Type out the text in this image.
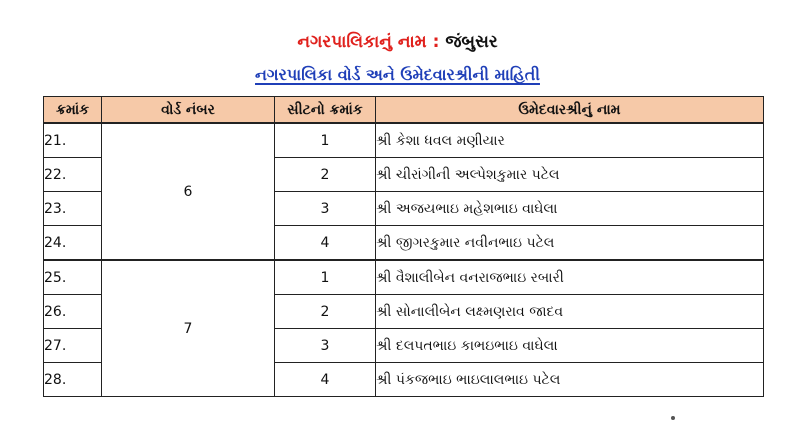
નગરપાલિકાનું નામ : જંબુસર
નગરપાલિકા વોર્ડ અને ઉમેદવારશ્રીની માહિતી
ક્રમાંક	વોર્ડ નંબર	સીટનો ક્રમાંક	ઉમેદવારશ્રીનું નામ
21.	6	1	શ્રી કેશા ધવલ મણીયાર
22.		2	શ્રી ચીરાંગીની અલ્પેશકુમાર પટેલ
23.		3	શ્રી અજયભાઇ મહેશભાઇ વાઘેલા
24.		4	શ્રી જીગરકુમાર નવીનભાઇ પટેલ
25.	7	1	શ્રી વૈશાલીબેન વનરાજભાઇ રબારી
26.		2	શ્રી સોનાલીબેન લક્ષ્મણરાવ જાદવ
27.		3	શ્રી દલપતભાઇ કાભઇભાઇ વાઘેલા
28.		4	શ્રી પંકજભાઇ ભાઇલાલભાઇ પટેલ
